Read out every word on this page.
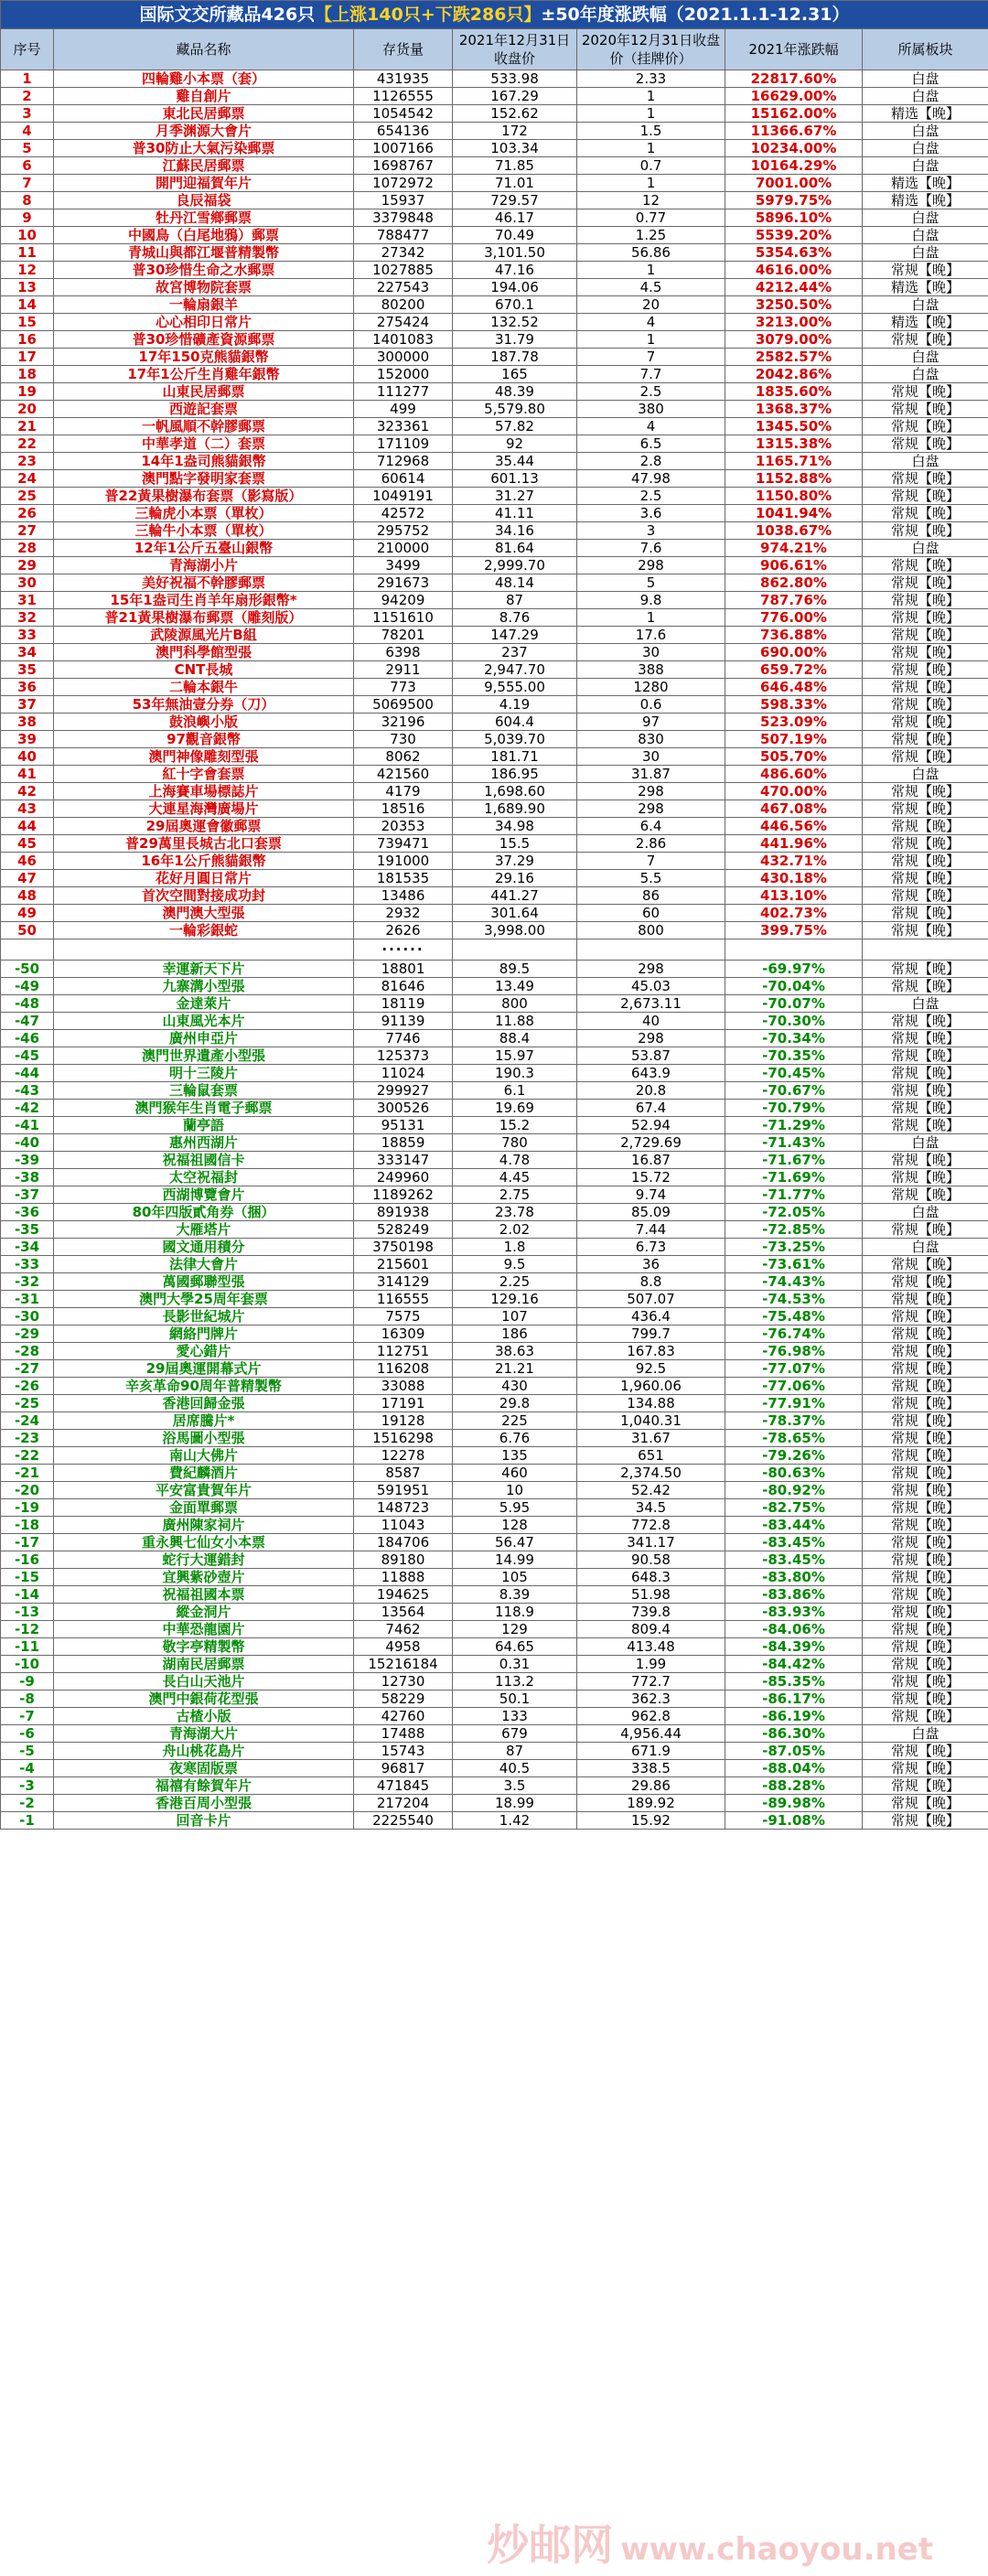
国际文交所藏品426只【上涨140只+下跌286只】±50年度涨跌幅（2021.1.1-12.31）						
序号	藏品名称	存货量	2021年12月31日收盘价	2020年12月31日收盘价（挂牌价）	2021年涨跌幅	所属板块
1	四輪雞小本票（套）	431935	533.98	2.33	22817.60%	白盘
2	雞自創片	1126555	167.29	1	16629.00%	白盘
3	東北民居郵票	1054542	152.62	1	15162.00%	精选【晚】
4	月季渊源大會片	654136	172	1.5	11366.67%	白盘
5	普30防止大氣污染郵票	1007166	103.34	1	10234.00%	白盘
6	江蘇民居郵票	1698767	71.85	0.7	10164.29%	白盘
7	開門迎福賀年片	1072972	71.01	1	7001.00%	精选【晚】
8	良辰福袋	15937	729.57	12	5979.75%	精选【晚】
9	牡丹江雪鄉郵票	3379848	46.17	0.77	5896.10%	白盘
10	中國鳥（白尾地鴉）郵票	788477	70.49	1.25	5539.20%	白盘
11	青城山與都江堰普精製幣	27342	3,101.50	56.86	5354.63%	白盘
12	普30珍惜生命之水郵票	1027885	47.16	1	4616.00%	常规【晚】
13	故宮博物院套票	227543	194.06	4.5	4212.44%	精选【晚】
14	一輪扇銀羊	80200	670.1	20	3250.50%	白盘
15	心心相印日常片	275424	132.52	4	3213.00%	精选【晚】
16	普30珍惜礦產資源郵票	1401083	31.79	1	3079.00%	常规【晚】
17	17年150克熊貓銀幣	300000	187.78	7	2582.57%	白盘
18	17年1公斤生肖雞年銀幣	152000	165	7.7	2042.86%	白盘
19	山東民居郵票	111277	48.39	2.5	1835.60%	常规【晚】
20	西遊記套票	499	5,579.80	380	1368.37%	常规【晚】
21	一帆風順不幹膠郵票	323361	57.82	4	1345.50%	常规【晚】
22	中華孝道（二）套票	171109	92	6.5	1315.38%	常规【晚】
23	14年1盎司熊貓銀幣	712968	35.44	2.8	1165.71%	白盘
24	澳門點字發明家套票	60614	601.13	47.98	1152.88%	常规【晚】
25	普22黃果樹瀑布套票（影寫版）	1049191	31.27	2.5	1150.80%	常规【晚】
26	三輪虎小本票（單枚）	42572	41.11	3.6	1041.94%	常规【晚】
27	三輪牛小本票（單枚）	295752	34.16	3	1038.67%	常规【晚】
28	12年1公斤五臺山銀幣	210000	81.64	7.6	974.21%	白盘
29	青海湖小片	3499	2,999.70	298	906.61%	常规【晚】
30	美好祝福不幹膠郵票	291673	48.14	5	862.80%	常规【晚】
31	15年1盎司生肖羊年扇形銀幣*	94209	87	9.8	787.76%	常规【晚】
32	普21黃果樹瀑布郵票（雕刻版）	1151610	8.76	1	776.00%	常规【晚】
33	武陵源風光片B組	78201	147.29	17.6	736.88%	常规【晚】
34	澳門科學館型張	6398	237	30	690.00%	常规【晚】
35	CNT長城	2911	2,947.70	388	659.72%	常规【晚】
36	二輪本銀牛	773	9,555.00	1280	646.48%	常规【晚】
37	53年無油壹分券（刀）	5069500	4.19	0.6	598.33%	常规【晚】
38	鼓浪嶼小版	32196	604.4	97	523.09%	常规【晚】
39	97觀音銀幣	730	5,039.70	830	507.19%	常规【晚】
40	澳門神像雕刻型張	8062	181.71	30	505.70%	常规【晚】
41	紅十字會套票	421560	186.95	31.87	486.60%	白盘
42	上海賽車場標誌片	4179	1,698.60	298	470.00%	常规【晚】
43	大連星海灣廣場片	18516	1,689.90	298	467.08%	常规【晚】
44	29屆奧運會徽郵票	20353	34.98	6.4	446.56%	常规【晚】
45	普29萬里長城古北口套票	739471	15.5	2.86	441.96%	常规【晚】
46	16年1公斤熊貓銀幣	191000	37.29	7	432.71%	常规【晚】
47	花好月圓日常片	181535	29.16	5.5	430.18%	常规【晚】
48	首次空間對接成功封	13486	441.27	86	413.10%	常规【晚】
49	澳門澳大型張	2932	301.64	60	402.73%	常规【晚】
50	一輪彩銀蛇	2626	3,998.00	800	399.75%	常规【晚】
		......				
-50	幸運新天下片	18801	89.5	298	-69.97%	常规【晚】
-49	九寨溝小型張	81646	13.49	45.03	-70.04%	常规【晚】
-48	金達萊片	18119	800	2,673.11	-70.07%	白盘
-47	山東風光本片	91139	11.88	40	-70.30%	常规【晚】
-46	廣州申亞片	7746	88.4	298	-70.34%	常规【晚】
-45	澳門世界遺產小型張	125373	15.97	53.87	-70.35%	常规【晚】
-44	明十三陵片	11024	190.3	643.9	-70.45%	常规【晚】
-43	三輪鼠套票	299927	6.1	20.8	-70.67%	常规【晚】
-42	澳門猴年生肖電子郵票	300526	19.69	67.4	-70.79%	常规【晚】
-41	蘭亭語	95131	15.2	52.94	-71.29%	常规【晚】
-40	惠州西湖片	18859	780	2,729.69	-71.43%	白盘
-39	祝福祖國信卡	333147	4.78	16.87	-71.67%	常规【晚】
-38	太空祝福封	249960	4.45	15.72	-71.69%	常规【晚】
-37	西湖博覽會片	1189262	2.75	9.74	-71.77%	常规【晚】
-36	80年四版貳角券（捆）	891938	23.78	85.09	-72.05%	白盘
-35	大雁塔片	528249	2.02	7.44	-72.85%	常规【晚】
-34	國文通用積分	3750198	1.8	6.73	-73.25%	白盘
-33	法律大會片	215601	9.5	36	-73.61%	常规【晚】
-32	萬國郵聯型張	314129	2.25	8.8	-74.43%	常规【晚】
-31	澳門大學25周年套票	116555	129.16	507.07	-74.53%	常规【晚】
-30	長影世紀城片	7575	107	436.4	-75.48%	常规【晚】
-29	網絡門牌片	16309	186	799.7	-76.74%	常规【晚】
-28	愛心錯片	112751	38.63	167.83	-76.98%	常规【晚】
-27	29屆奧運開幕式片	116208	21.21	92.5	-77.07%	常规【晚】
-26	辛亥革命90周年普精製幣	33088	430	1,960.06	-77.06%	常规【晚】
-25	香港回歸金張	17191	29.8	134.88	-77.91%	常规【晚】
-24	居席騰片*	19128	225	1,040.31	-78.37%	常规【晚】
-23	浴馬圖小型張	1516298	6.76	31.67	-78.65%	常规【晚】
-22	南山大佛片	12278	135	651	-79.26%	常规【晚】
-21	費紀麟酒片	8587	460	2,374.50	-80.63%	常规【晚】
-20	平安富貴賀年片	591951	10	52.42	-80.92%	常规【晚】
-19	金面單郵票	148723	5.95	34.5	-82.75%	常规【晚】
-18	廣州陳家祠片	11043	128	772.8	-83.44%	常规【晚】
-17	重永興七仙女小本票	184706	56.47	341.17	-83.45%	常规【晚】
-16	蛇行大運錯封	89180	14.99	90.58	-83.45%	常规【晚】
-15	宜興紫砂壺片	11888	105	648.3	-83.80%	常规【晚】
-14	祝福祖國本票	194625	8.39	51.98	-83.86%	常规【晚】
-13	縱金洞片	13564	118.9	739.8	-83.93%	常规【晚】
-12	中華恐龍園片	7462	129	809.4	-84.06%	常规【晚】
-11	敬字亭精製幣	4958	64.65	413.48	-84.39%	常规【晚】
-10	湖南民居郵票	15216184	0.31	1.99	-84.42%	常规【晚】
-9	長白山天池片	12730	113.2	772.7	-85.35%	常规【晚】
-8	澳門中銀荷花型張	58229	50.1	362.3	-86.17%	常规【晚】
-7	古楂小版	42760	133	962.8	-86.19%	常规【晚】
-6	青海湖大片	17488	679	4,956.44	-86.30%	白盘
-5	舟山桃花島片	15743	87	671.9	-87.05%	常规【晚】
-4	夜寒固版票	96817	40.5	338.5	-88.04%	常规【晚】
-3	福禧有餘賀年片	471845	3.5	29.86	-88.28%	常规【晚】
-2	香港百周小型張	217204	18.99	189.92	-89.98%	常规【晚】
-1	回音卡片	2225540	1.42	15.92	-91.08%	常规【晚】
炒邮网 www.chaoyou.net
